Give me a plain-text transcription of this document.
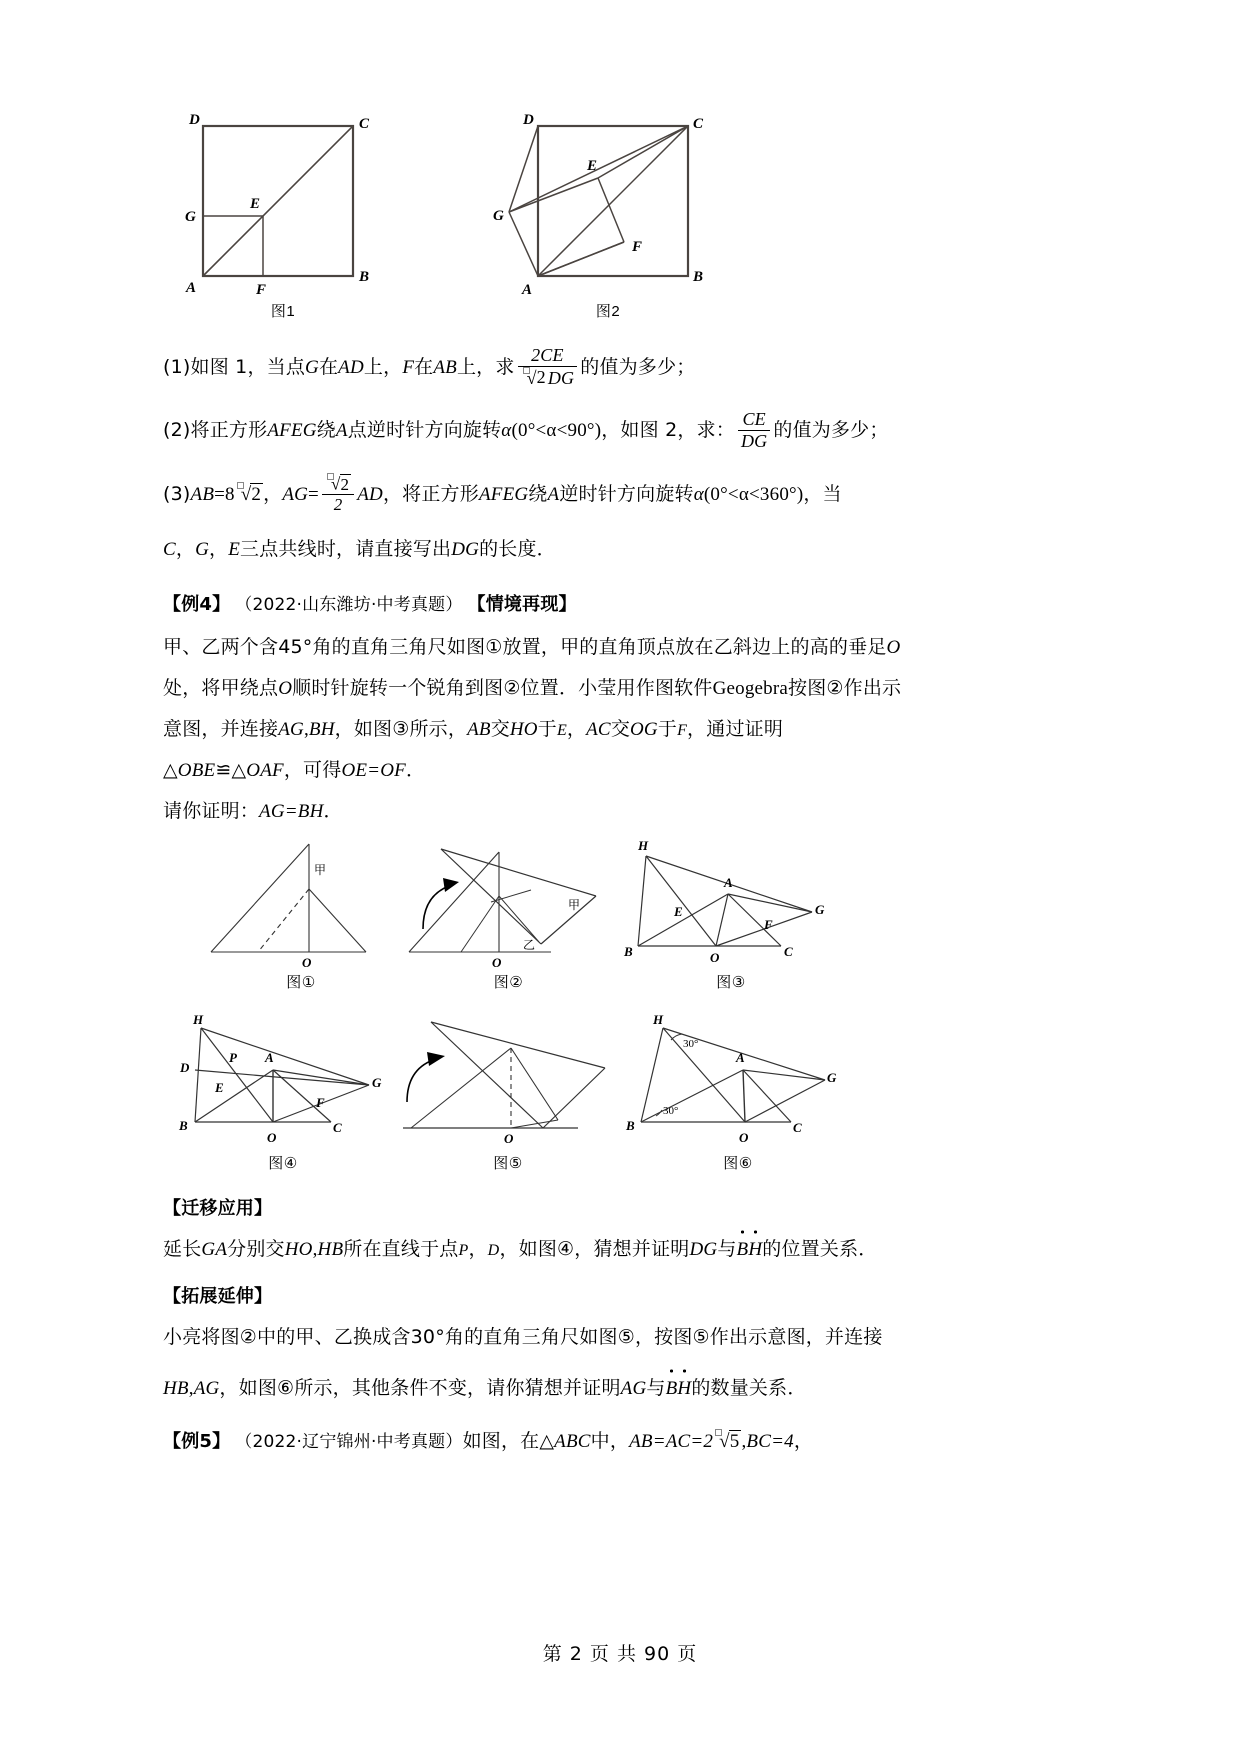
D	C
E
G
A	F
B
图1
D	C
E
G
F
A
B
图2

(1)如图 1，当点G在AD上，F在AB上，求 $\frac{2CE}{√2 DG}$ 的值为多少；

(2)将正方形AFEG绕A点逆时针方向旋转α(0°<α<90°)，如图 2，求： $\frac{CE}{DG}$ 的值为多少；

(3)AB=8 √2 ，$AG= \frac{√2}{2}$ AD，将正方形AFEG绕A逆时针方向旋转α(0°<α<360°)，当

C，G，E三点共线时，请直接写出DG的长度．

【例4】 （2022·山东潍坊·中考真题） 【情境再现】

甲、乙两个含45°角的直角三角尺如图①放置，甲的直角顶点放在乙斜边上的高的垂足O

处，将甲绕点O顺时针旋转一个锐角到图②位置．小莹用作图软件Geogebra按图②作出示

意图，并连接AG,BH，如图③所示，AB交HO于E，AC交OG于F，通过证明

△OBE≌△OAF，可得OE=OF．

请你证明：AG=BH．

甲
O
图①
甲
乙
O
图②
H
A
G
E
F
B	O	C
图③
H
D
P A
G
E
F
B
O
C
图④
O
图⑤
H
30°
A
G
30°
B
O
C
图⑥

【迁移应用】

延长GA分别交HO,HB所在直线于点P，D，如图④，猜想并证明DG与BH的位置关系．

【拓展延伸】

小亮将图②中的甲、乙换成含30°角的直角三角尺如图⑤，按图⑤作出示意图，并连接

HB,AG，如图⑥所示，其他条件不变，请你猜想并证明AG与BH的数量关系．

【例5】 （2022·辽宁锦州·中考真题）如图，在△ABC中，AB=AC=2 √5 ,BC=4，

第 2 页 共 90 页
